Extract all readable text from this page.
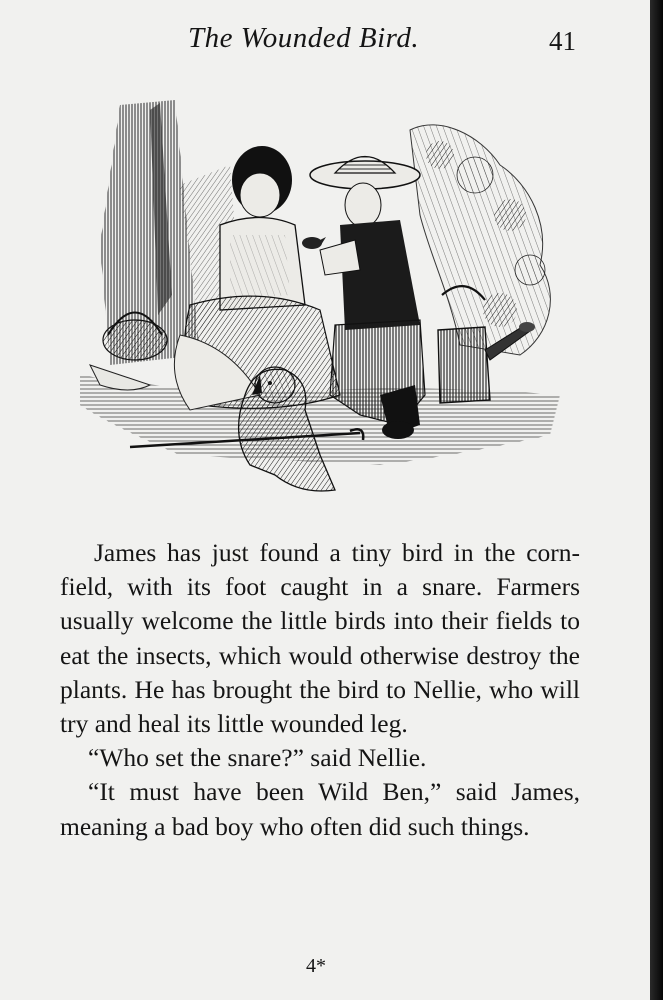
The Wounded Bird.	41

James has just found a tiny bird in the corn-field, with its foot caught in a snare. Farmers usually welcome the little birds into their fields to eat the insects, which would otherwise destroy the plants. He has brought the bird to Nellie, who will try and heal its little wounded leg.

“Who set the snare?” said Nellie.

“It must have been Wild Ben,” said James, meaning a bad boy who often did such things.

4*
